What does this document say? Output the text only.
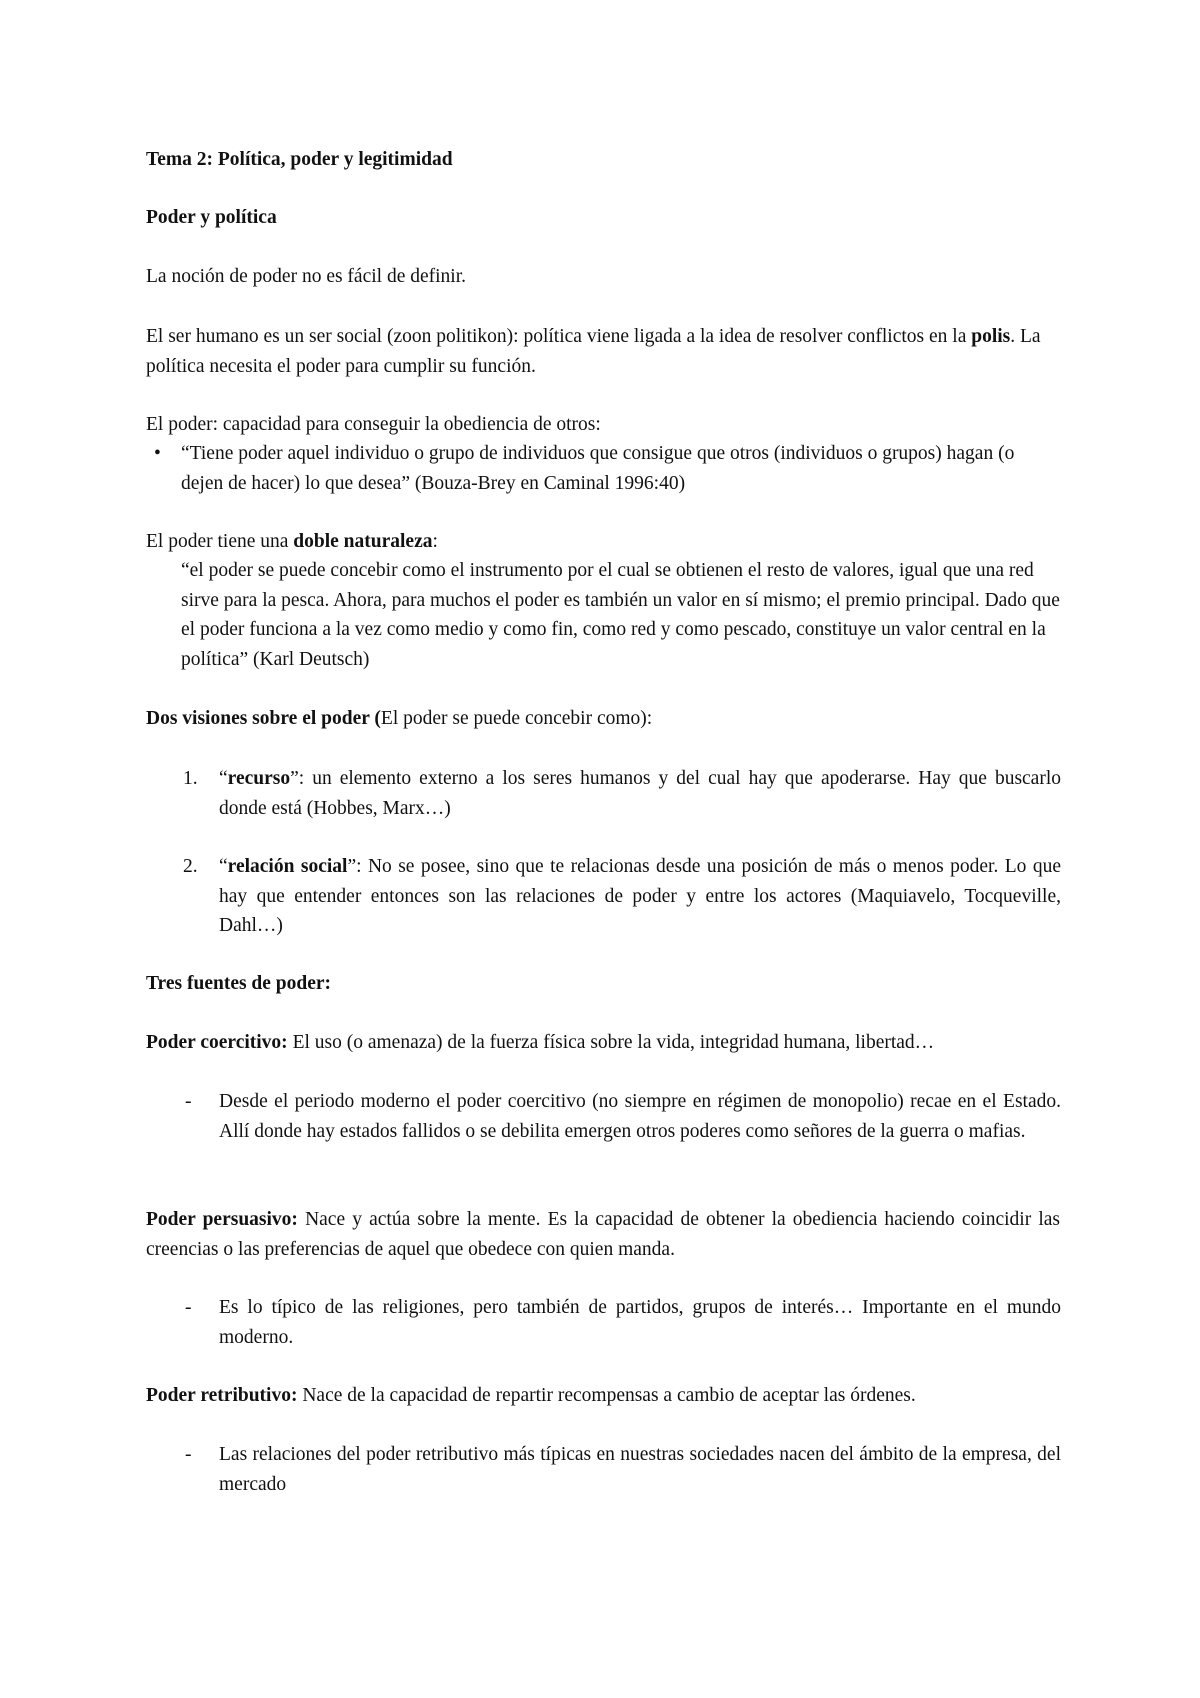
Tema 2: Política, poder y legitimidad

Poder y política

La noción de poder no es fácil de definir.

El ser humano es un ser social (zoon politikon): política viene ligada a la idea de resolver conflictos en la polis. La política necesita el poder para cumplir su función.

El poder: capacidad para conseguir la obediencia de otros:

• “Tiene poder aquel individuo o grupo de individuos que consigue que otros (individuos o grupos) hagan (o dejen de hacer) lo que desea” (Bouza-Brey en Caminal 1996:40)

El poder tiene una doble naturaleza:

“el poder se puede concebir como el instrumento por el cual se obtienen el resto de valores, igual que una red sirve para la pesca. Ahora, para muchos el poder es también un valor en sí mismo; el premio principal. Dado que el poder funciona a la vez como medio y como fin, como red y como pescado, constituye un valor central en la política” (Karl Deutsch)

Dos visiones sobre el poder (El poder se puede concebir como):

1. “recurso”: un elemento externo a los seres humanos y del cual hay que apoderarse. Hay que buscarlo donde está (Hobbes, Marx…)

2. “relación social”: No se posee, sino que te relacionas desde una posición de más o menos poder. Lo que hay que entender entonces son las relaciones de poder y entre los actores (Maquiavelo, Tocqueville, Dahl…)

Tres fuentes de poder:

Poder coercitivo: El uso (o amenaza) de la fuerza física sobre la vida, integridad humana, libertad…

- Desde el periodo moderno el poder coercitivo (no siempre en régimen de monopolio) recae en el Estado. Allí donde hay estados fallidos o se debilita emergen otros poderes como señores de la guerra o mafias.

Poder persuasivo: Nace y actúa sobre la mente. Es la capacidad de obtener la obediencia haciendo coincidir las creencias o las preferencias de aquel que obedece con quien manda.

- Es lo típico de las religiones, pero también de partidos, grupos de interés… Importante en el mundo moderno.

Poder retributivo: Nace de la capacidad de repartir recompensas a cambio de aceptar las órdenes.

- Las relaciones del poder retributivo más típicas en nuestras sociedades nacen del ámbito de la empresa, del mercado
